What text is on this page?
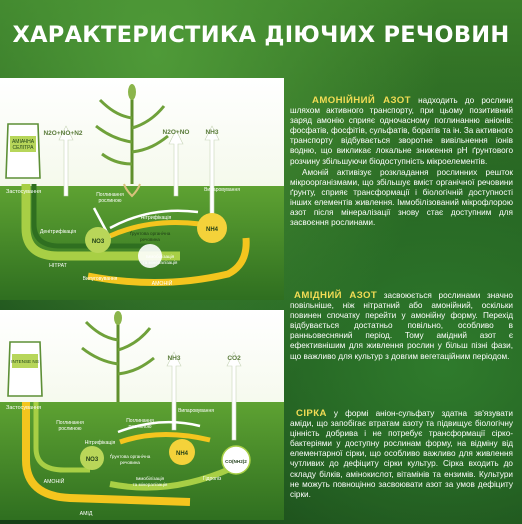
ХАРАКТЕРИСТИКА ДІЮЧИХ РЕЧОВИН
АМІАЧНА
СЕЛІТРА
N2O+NO+N2	N2O+NO NH3
NO3
NH4
Застосування	Поглинання
рослиною
Випаровування
Нітрифікація
Денітрифікація	Ґрунтова органічна
речовина
Іммобілізація
та мінералізація
Вилуговування
НІТРАТ
АМОНІЙ
INTENSE NS	NH3	CO2
NO3
NH4
CO(NH2)2
Застосування
Поглинання
рослиною
Поглинання
рослиною
Випаровування
Нітрифікація
Ґрунтова органічна
речовина
Іммобілізація
та мінералізація
Гідроліз
АМОНІЙ
АМІД

АМОНІЙНИЙ АЗОТ надходить до рослини шляхом активного транспорту, при цьому позитивний заряд амонію сприяє одночасному поглинанню аніонів: фосфатів, фосфітів, сульфатів, боратів та ін. За активного транспорту відбувається зворотне вивільнення іонів водню, що викликає локальне зниження pH ґрунтового розчину збільшуючи біодоступність мікроелементів.

Амоній активізує розкладання рослинних решток мікроорганізмами, що збільшує вміст органічної речовини ґрунту, сприяє трансформації і біологічній доступності інших елементів живлення. Іммобілізований мікрофлорою азот після мінералізації знову стає доступним для засвоєння рослинами.

АМІДНИЙ АЗОТ засвоюється рослинами значно повільніше, ніж нітратний або амонійний, оскільки повинен спочатку перейти у амонійну форму. Перехід відбувається достатньо повільно, особливо в ранньовесняний період. Тому амідний азот є ефективнішим для живлення рослин у більш пізні фази, що важливо для культур з довгим вегетаційним періодом.

СІРКА у формі аніон-сульфату здатна зв'язувати аміди, що запобігає втратам азоту та підвищує біологічну цінність добрива і не потребує трансформації сіркобактеріями у доступну рослинам форму, на відміну від елементарної сірки, що особливо важливо для живлення чутливих до дефіциту сірки культур. Сірка входить до складу білків, амінокислот, вітамінів та ензимів. Культури не можуть повноцінно засвоювати азот за умов дефіциту сірки.
